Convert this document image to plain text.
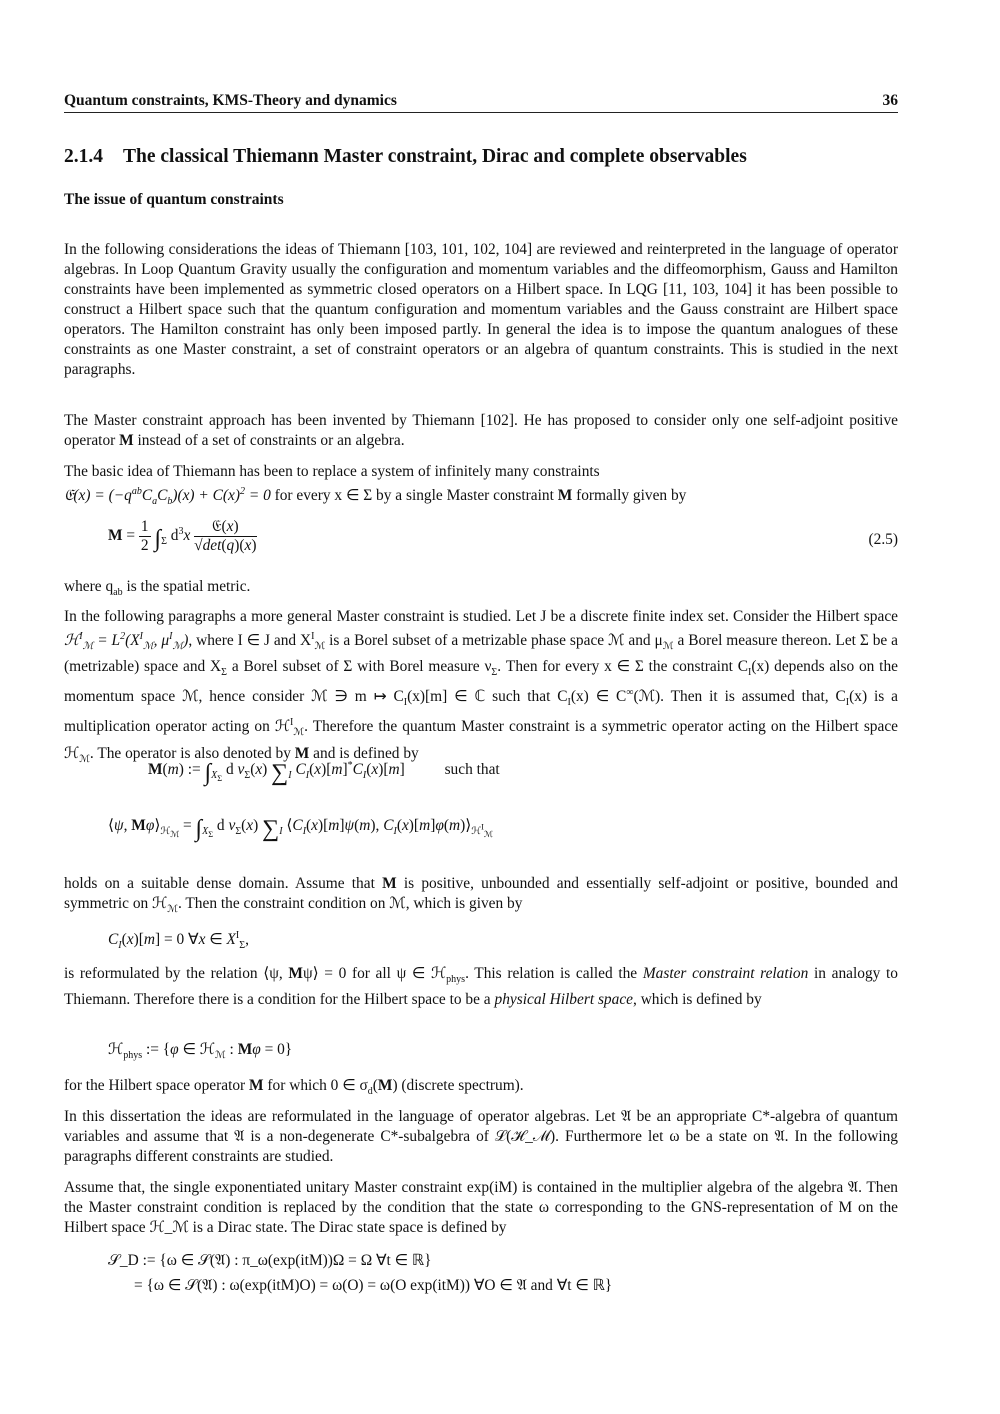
Quantum constraints, KMS-Theory and dynamics	36
2.1.4 The classical Thiemann Master constraint, Dirac and complete observables
The issue of quantum constraints
In the following considerations the ideas of Thiemann [103, 101, 102, 104] are reviewed and reinterpreted in the language of operator algebras. In Loop Quantum Gravity usually the configuration and momentum variables and the diffeomorphism, Gauss and Hamilton constraints have been implemented as symmetric closed operators on a Hilbert space. In LQG [11, 103, 104] it has been possible to construct a Hilbert space such that the quantum configuration and momentum variables and the Gauss constraint are Hilbert space operators. The Hamilton constraint has only been imposed partly. In general the idea is to impose the quantum analogues of these constraints as one Master constraint, a set of constraint operators or an algebra of quantum constraints. This is studied in the next paragraphs.
The Master constraint approach has been invented by Thiemann [102]. He has proposed to consider only one self-adjoint positive operator M instead of a set of constraints or an algebra.
The basic idea of Thiemann has been to replace a system of infinitely many constraints
𝔈(x) = $(-q^{ab}C_aC_b)(x) + C(x)^2 = 0$ for every x ∈ Σ by a single Master constraint M formally given by
$M = \frac{1}{2} \int_\Sigma$ $d^3x \frac{\text{𝔈(x)}}{√\det(q)(x)}$	(2.5)
where $q_{ab}$ is the spatial metric.
In the following paragraphs a more general Master constraint is studied. Let J be a discrete finite index set. Consider the Hilbert space ℋ$^I_ℳ$ = $L^2(X^I_ℳ$, $\mu^I_ℳ$), where I ∈ J and $X^I_ℳ$ is a Borel subset of a metrizable phase space ℳ and $\mu_ℳ$ a Borel measure thereon. Let Σ be a (metrizable) space and $X_\Sigma$ a Borel subset of Σ with Borel measure $\nu_\Sigma$. Then for every x ∈ Σ the constraint $C_I(x)$ depends also on the momentum space ℳ, hence consider ℳ ∋ m ↦ $C_I(x)[m]$ ∈ ℂ such that $C_I(x)$ ∈ C∞(ℳ). Then it is assumed that, $C_I(x)$ is a multiplication operator acting on ℋ$^I_ℳ$. Therefore the quantum Master constraint is a symmetric operator acting on the Hilbert space ℋ$_ℳ$. The operator is also denoted by M and is defined by
M(m) := $\int_{X_\Sigma}$ d $\nu_\Sigma(x)$ $\sum_I$ $C_I(x)[m]^*C_I(x)[m]$ such that
⟨ψ, $M\varphi⟩_{ℋ_ℳ} = \int_{X_\Sigma}$ d $\nu_\Sigma(x)$ $\sum_I$ $⟨C_I(x)[m]\psi(m)$, $C_I(x)[m]\varphi(m)⟩_{ℋ^I_ℳ}$
holds on a suitable dense domain. Assume that M is positive, unbounded and essentially self-adjoint or positive, bounded and symmetric on ℋ$_ℳ$. Then the constraint condition on ℳ, which is given by
$C_I(x)[m] = 0$ ∀x ∈ $X^I_\Sigma$,
is reformulated by the relation ⟨ψ, Mψ⟩ = 0 for all ψ ∈ ℋ$_{phys}$. This relation is called the Master constraint relation in analogy to Thiemann. Therefore there is a condition for the Hilbert space to be a physical Hilbert space, which is defined by
ℋ$_{phys}$ := {φ ∈ ℋ$_ℳ$ : Mφ = 0}
for the Hilbert space operator M for which 0 ∈ $\sigma_d(M)$ (discrete spectrum).
In this dissertation the ideas are reformulated in the language of operator algebras. Let 𝔄 be an appropriate C*-algebra of quantum variables and assume that 𝔄 is a non-degenerate C*-subalgebra of ℒ(ℋ_ℳ). Furthermore let ω be a state on 𝔄. In the following paragraphs different constraints are studied.
Assume that, the single exponentiated unitary Master constraint exp(iM) is contained in the multiplier algebra of the algebra 𝔄. Then the Master constraint condition is replaced by the condition that the state ω corresponding to the GNS-representation of M on the Hilbert space ℋ_ℳ is a Dirac state. The Dirac state space is defined by
𝒮_D := {ω ∈ 𝒮(𝔄) : π_ω(exp(itM))Ω = Ω ∀t ∈ ℝ}
= {ω ∈ 𝒮(𝔄) : ω(exp(itM)O) = ω(O) = ω(O exp(itM)) ∀O ∈ 𝔄 and ∀t ∈ ℝ}
